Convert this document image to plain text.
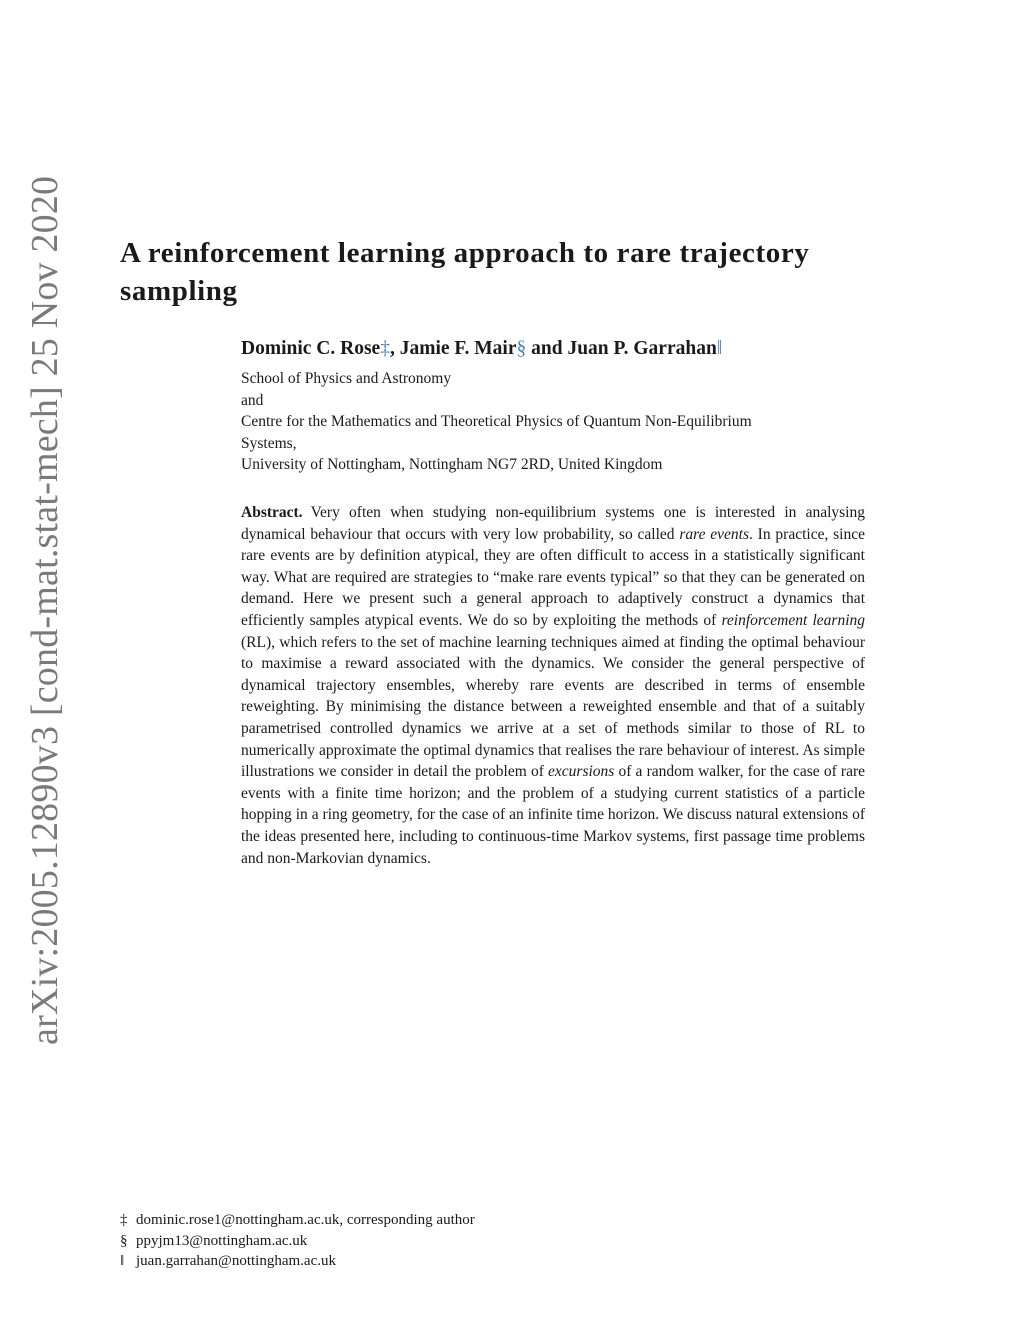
arXiv:2005.12890v3 [cond-mat.stat-mech] 25 Nov 2020 A reinforcement learning approach to rare trajectory sampling
Dominic C. Rose‡, Jamie F. Mair§ and Juan P. Garrahan‖
School of Physics and Astronomy
and
Centre for the Mathematics and Theoretical Physics of Quantum Non-Equilibrium
Systems,
University of Nottingham, Nottingham NG7 2RD, United Kingdom
Abstract. Very often when studying non-equilibrium systems one is interested in analysing dynamical behaviour that occurs with very low probability, so called rare events. In practice, since rare events are by definition atypical, they are often difficult to access in a statistically significant way. What are required are strategies to “make rare events typical” so that they can be generated on demand. Here we present such a general approach to adaptively construct a dynamics that efficiently samples atypical events. We do so by exploiting the methods of reinforcement learning (RL), which refers to the set of machine learning techniques aimed at finding the optimal behaviour to maximise a reward associated with the dynamics. We consider the general perspective of dynamical trajectory ensembles, whereby rare events are described in terms of ensemble reweighting. By minimising the distance between a reweighted ensemble and that of a suitably parametrised controlled dynamics we arrive at a set of methods similar to those of RL to numerically approximate the optimal dynamics that realises the rare behaviour of interest. As simple illustrations we consider in detail the problem of excursions of a random walker, for the case of rare events with a finite time horizon; and the problem of a studying current statistics of a particle hopping in a ring geometry, for the case of an infinite time horizon. We discuss natural extensions of the ideas presented here, including to continuous-time Markov systems, first passage time problems and non-Markovian dynamics.
‡ dominic.rose1@nottingham.ac.uk, corresponding author
§ ppyjm13@nottingham.ac.uk
‖ juan.garrahan@nottingham.ac.uk
